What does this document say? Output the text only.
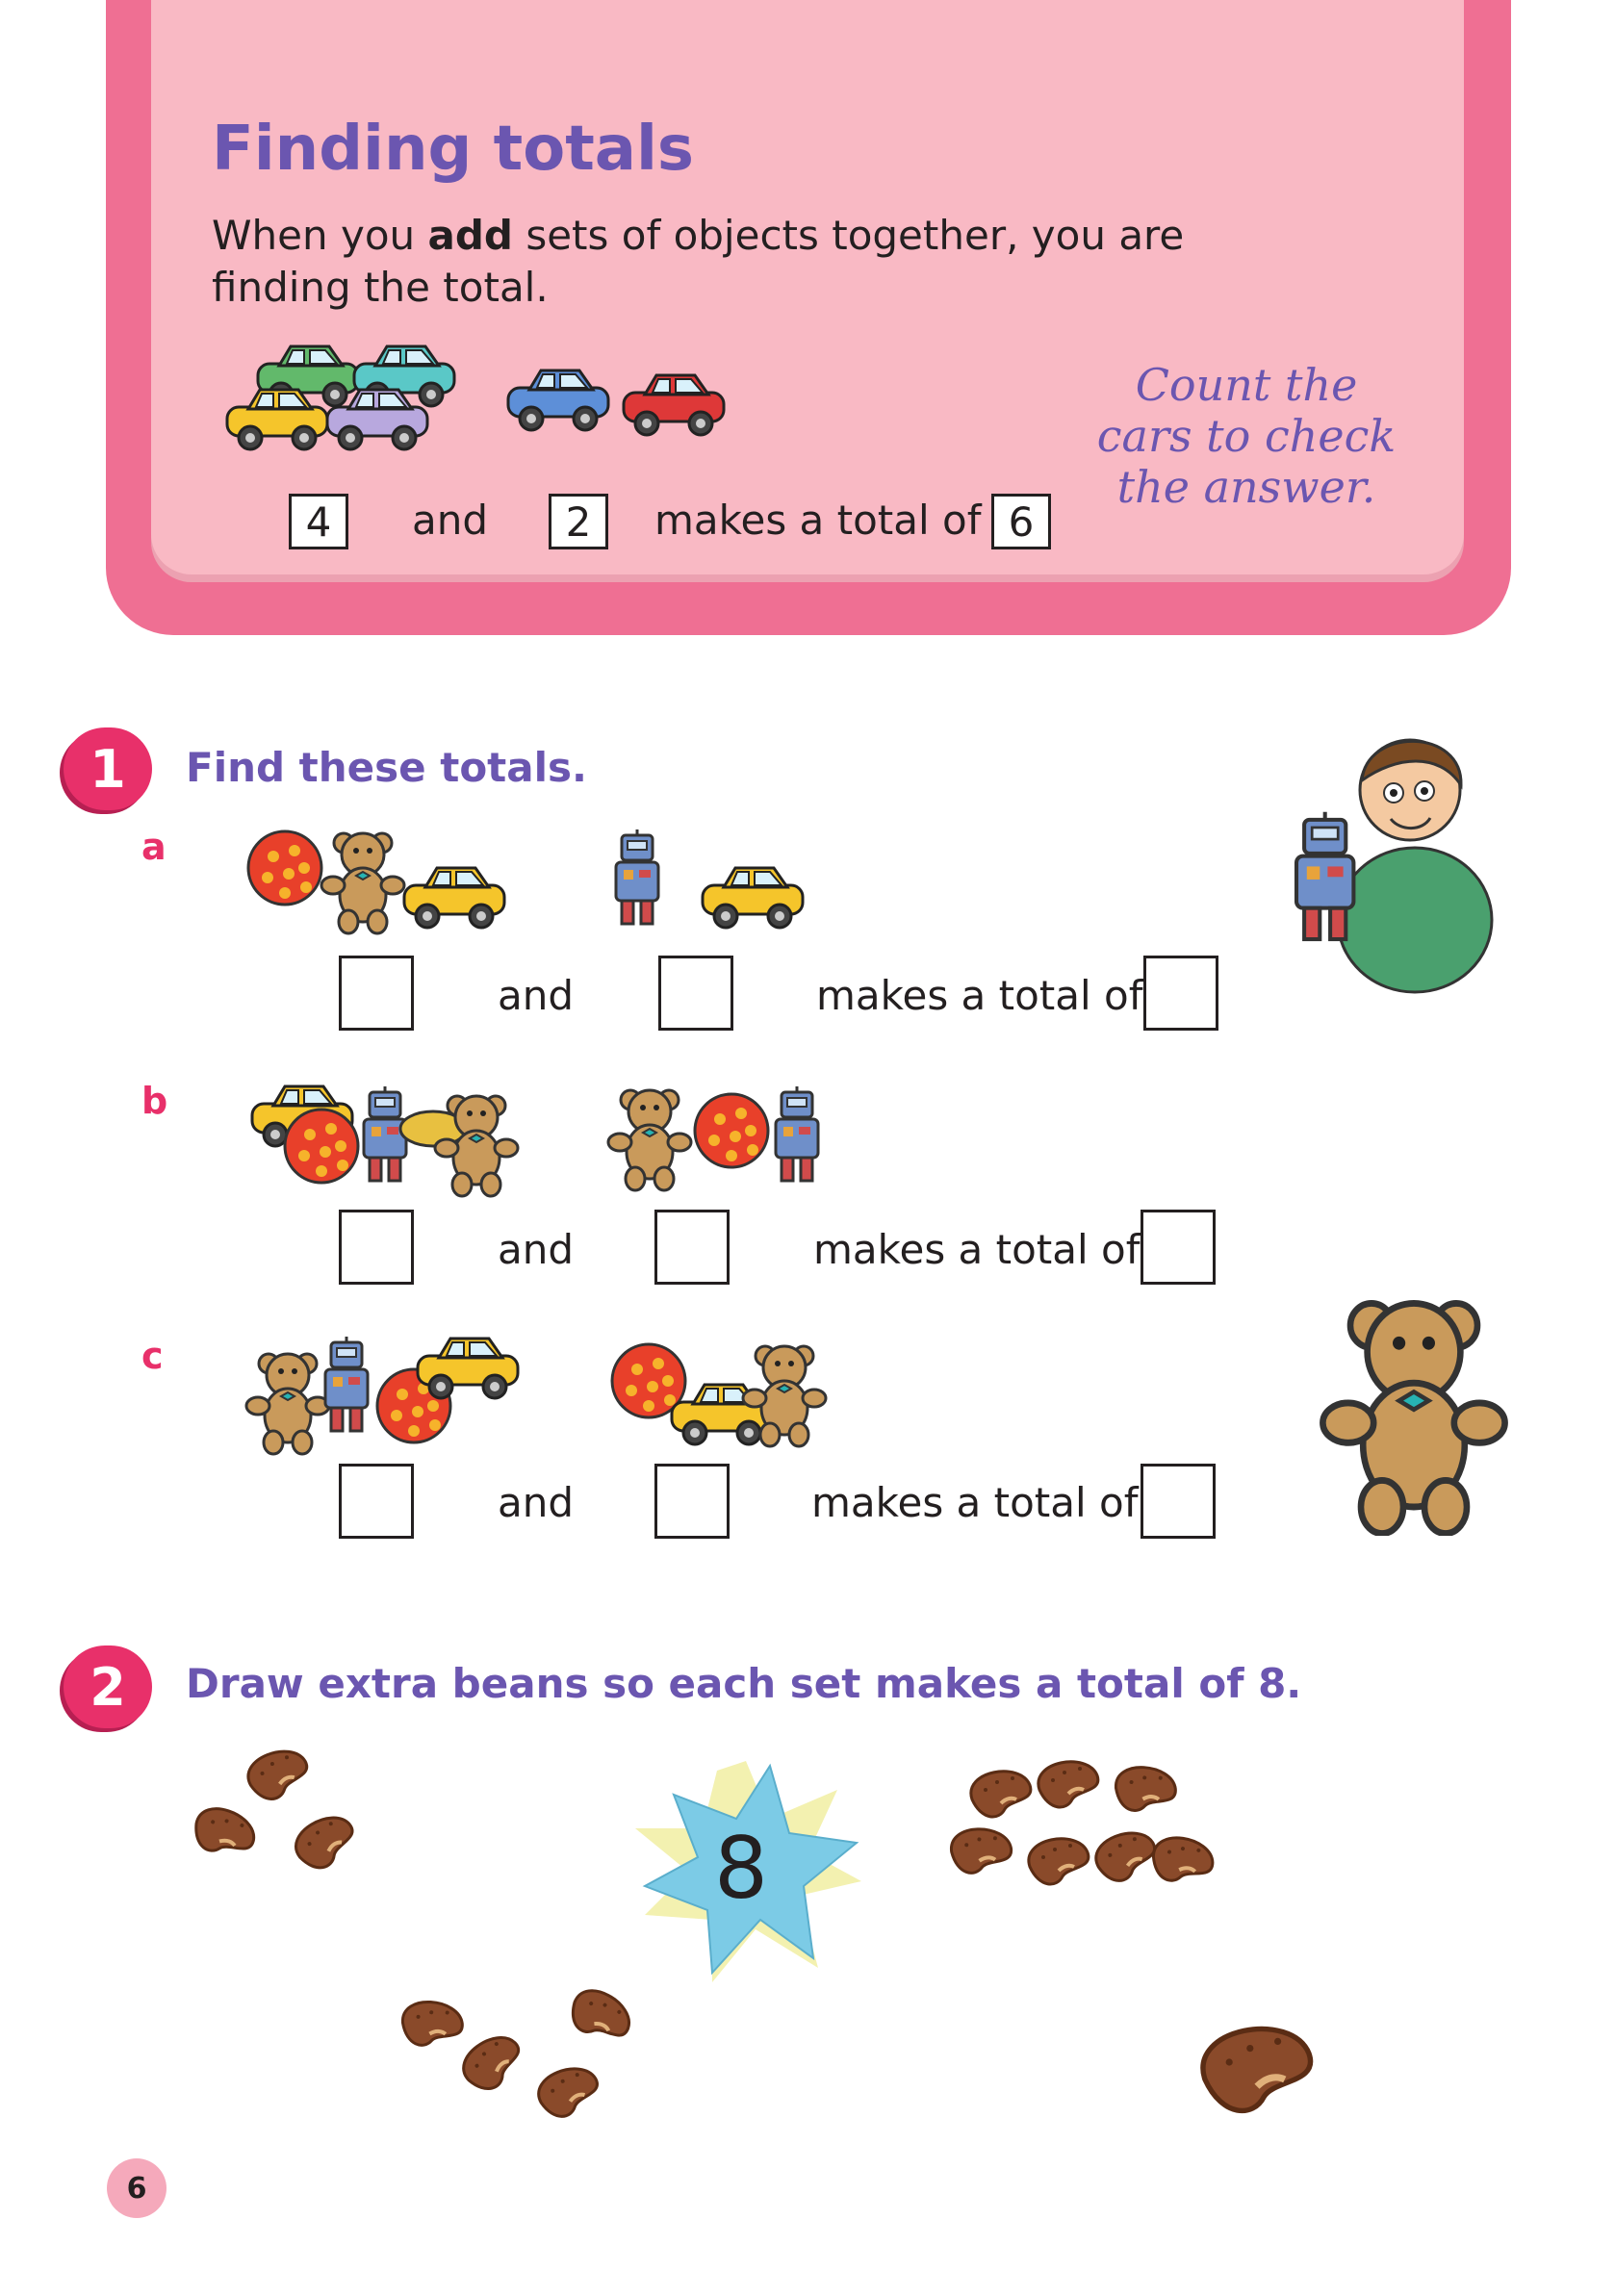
Finding totals
When you add sets of objects together, you are finding the total.
4	and	2	makes a total of 6
Count the
cars to check
the answer.
1	Find these totals.
a
and	makes a total of
b
and	makes a total of
c
and	makes a total of
2	Draw extra beans so each set makes a total of 8.
8
6
